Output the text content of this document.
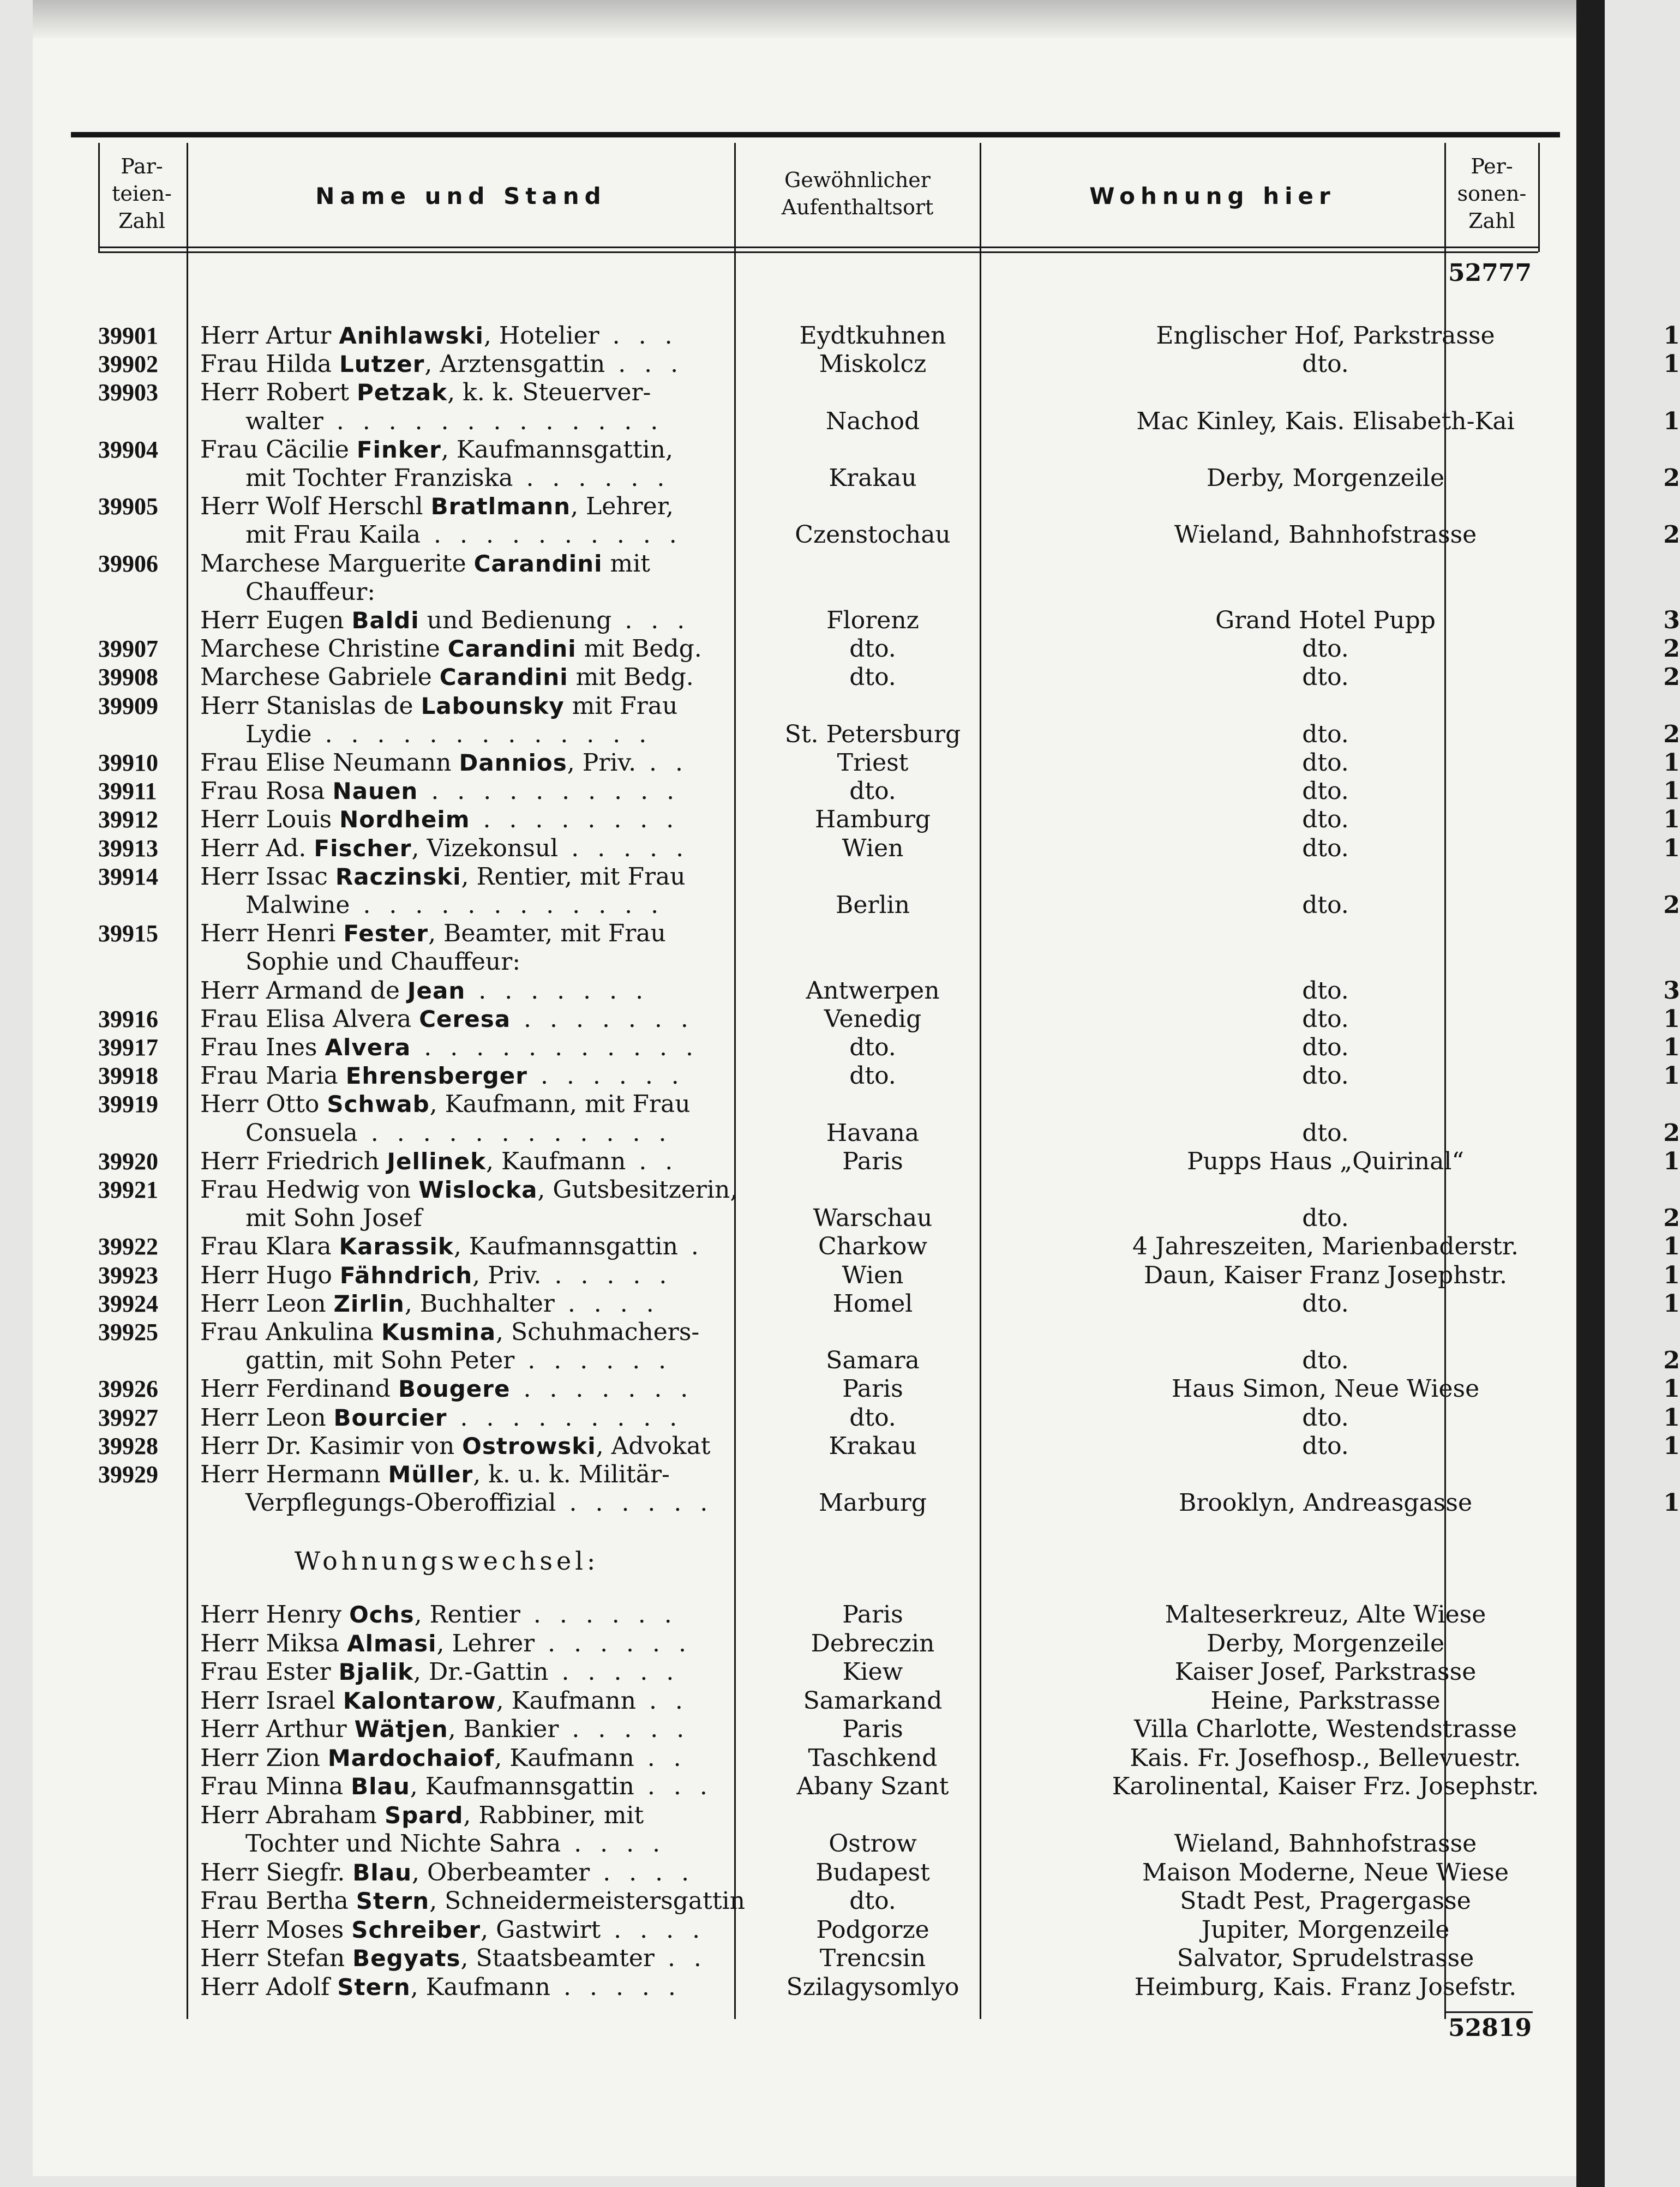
Par-
teien-
Zahl
Name und Stand
Gewöhnlicher
Aufenthaltsort	Wohnung hier
Per-
sonen-
Zahl
52777
39901	Herr Artur Anihlawski, Hotelier . . .	Eydtkuhnen	Englischer Hof, Parkstrasse	1
39902	Frau Hilda Lutzer, Arztensgattin . . .	Miskolcz	dto.	1
39903	Herr Robert Petzak, k. k. Steuerver-
walter . . . . . . . . . . . . .	Nachod	Mac Kinley, Kais. Elisabeth-Kai	1
39904	Frau Cäcilie Finker, Kaufmannsgattin,
mit Tochter Franziska . . . . . .	Krakau	Derby, Morgenzeile	2
39905	Herr Wolf Herschl Bratlmann, Lehrer,
mit Frau Kaila . . . . . . . . . .	Czenstochau	Wieland, Bahnhofstrasse	2
39906	Marchese Marguerite Carandini mit
Chauffeur:
Herr Eugen Baldi und Bedienung . . .	Florenz	Grand Hotel Pupp	3
39907	Marchese Christine Carandini mit Bedg.	dto.	dto.	2
39908	Marchese Gabriele Carandini mit Bedg.	dto.	dto.	2
39909	Herr Stanislas de Labounsky mit Frau
Lydie . . . . . . . . . . . . .	St. Petersburg	dto.	2
39910	Frau Elise Neumann Dannios, Priv. . .	Triest	dto.	1
39911	Frau Rosa Nauen . . . . . . . . . .	dto.	dto.	1
39912	Herr Louis Nordheim . . . . . . . .	Hamburg	dto.	1
39913	Herr Ad. Fischer, Vizekonsul . . . . .	Wien	dto.	1
39914	Herr Issac Raczinski, Rentier, mit Frau
Malwine . . . . . . . . . . . .	Berlin	dto.	2
39915	Herr Henri Fester, Beamter, mit Frau
Sophie und Chauffeur:
Herr Armand de Jean . . . . . . .	Antwerpen	dto.	3
39916	Frau Elisa Alvera Ceresa . . . . . . .	Venedig	dto.	1
39917	Frau Ines Alvera . . . . . . . . . . .	dto.	dto.	1
39918	Frau Maria Ehrensberger . . . . . .	dto.	dto.	1
39919	Herr Otto Schwab, Kaufmann, mit Frau
Consuela . . . . . . . . . . . .	Havana	dto.	2
39920	Herr Friedrich Jellinek, Kaufmann . .	Paris	Pupps Haus „Quirinal“	1
39921	Frau Hedwig von Wislocka, Gutsbesitzerin,
mit Sohn Josef	Warschau	dto.	2
39922	Frau Klara Karassik, Kaufmannsgattin .	Charkow	4 Jahreszeiten, Marienbaderstr.	1
39923	Herr Hugo Fähndrich, Priv. . . . . .	Wien	Daun, Kaiser Franz Josephstr.	1
39924	Herr Leon Zirlin, Buchhalter . . . .	Homel	dto.	1
39925	Frau Ankulina Kusmina, Schuhmachers-
gattin, mit Sohn Peter . . . . . .	Samara	dto.	2
39926	Herr Ferdinand Bougere . . . . . . .	Paris	Haus Simon, Neue Wiese	1
39927	Herr Leon Bourcier . . . . . . . . .	dto.	dto.	1
39928	Herr Dr. Kasimir von Ostrowski, Advokat	Krakau	dto.	1
39929	Herr Hermann Müller, k. u. k. Militär-
Verpflegungs-Oberoffizial . . . . . .	Marburg	Brooklyn, Andreasgasse	1
Wohnungswechsel:
Herr Henry Ochs, Rentier . . . . . .	Paris	Malteserkreuz, Alte Wiese
Herr Miksa Almasi, Lehrer . . . . . .	Debreczin	Derby, Morgenzeile
Frau Ester Bjalik, Dr.-Gattin . . . . .	Kiew	Kaiser Josef, Parkstrasse
Herr Israel Kalontarow, Kaufmann . .	Samarkand	Heine, Parkstrasse
Herr Arthur Wätjen, Bankier . . . . .	Paris	Villa Charlotte, Westendstrasse
Herr Zion Mardochaiof, Kaufmann . .	Taschkend	Kais. Fr. Josefhosp., Bellevuestr.
Frau Minna Blau, Kaufmannsgattin . . .	Abany Szant	Karolinental, Kaiser Frz. Josephstr.
Herr Abraham Spard, Rabbiner, mit
Tochter und Nichte Sahra . . . .	Ostrow	Wieland, Bahnhofstrasse
Herr Siegfr. Blau, Oberbeamter . . . .	Budapest	Maison Moderne, Neue Wiese
Frau Bertha Stern, Schneidermeistersgattin	dto.	Stadt Pest, Pragergasse
Herr Moses Schreiber, Gastwirt . . . .	Podgorze	Jupiter, Morgenzeile
Herr Stefan Begyats, Staatsbeamter . .	Trencsin	Salvator, Sprudelstrasse
Herr Adolf Stern, Kaufmann . . . . .	Szilagysomlyo	Heimburg, Kais. Franz Josefstr.
52819
